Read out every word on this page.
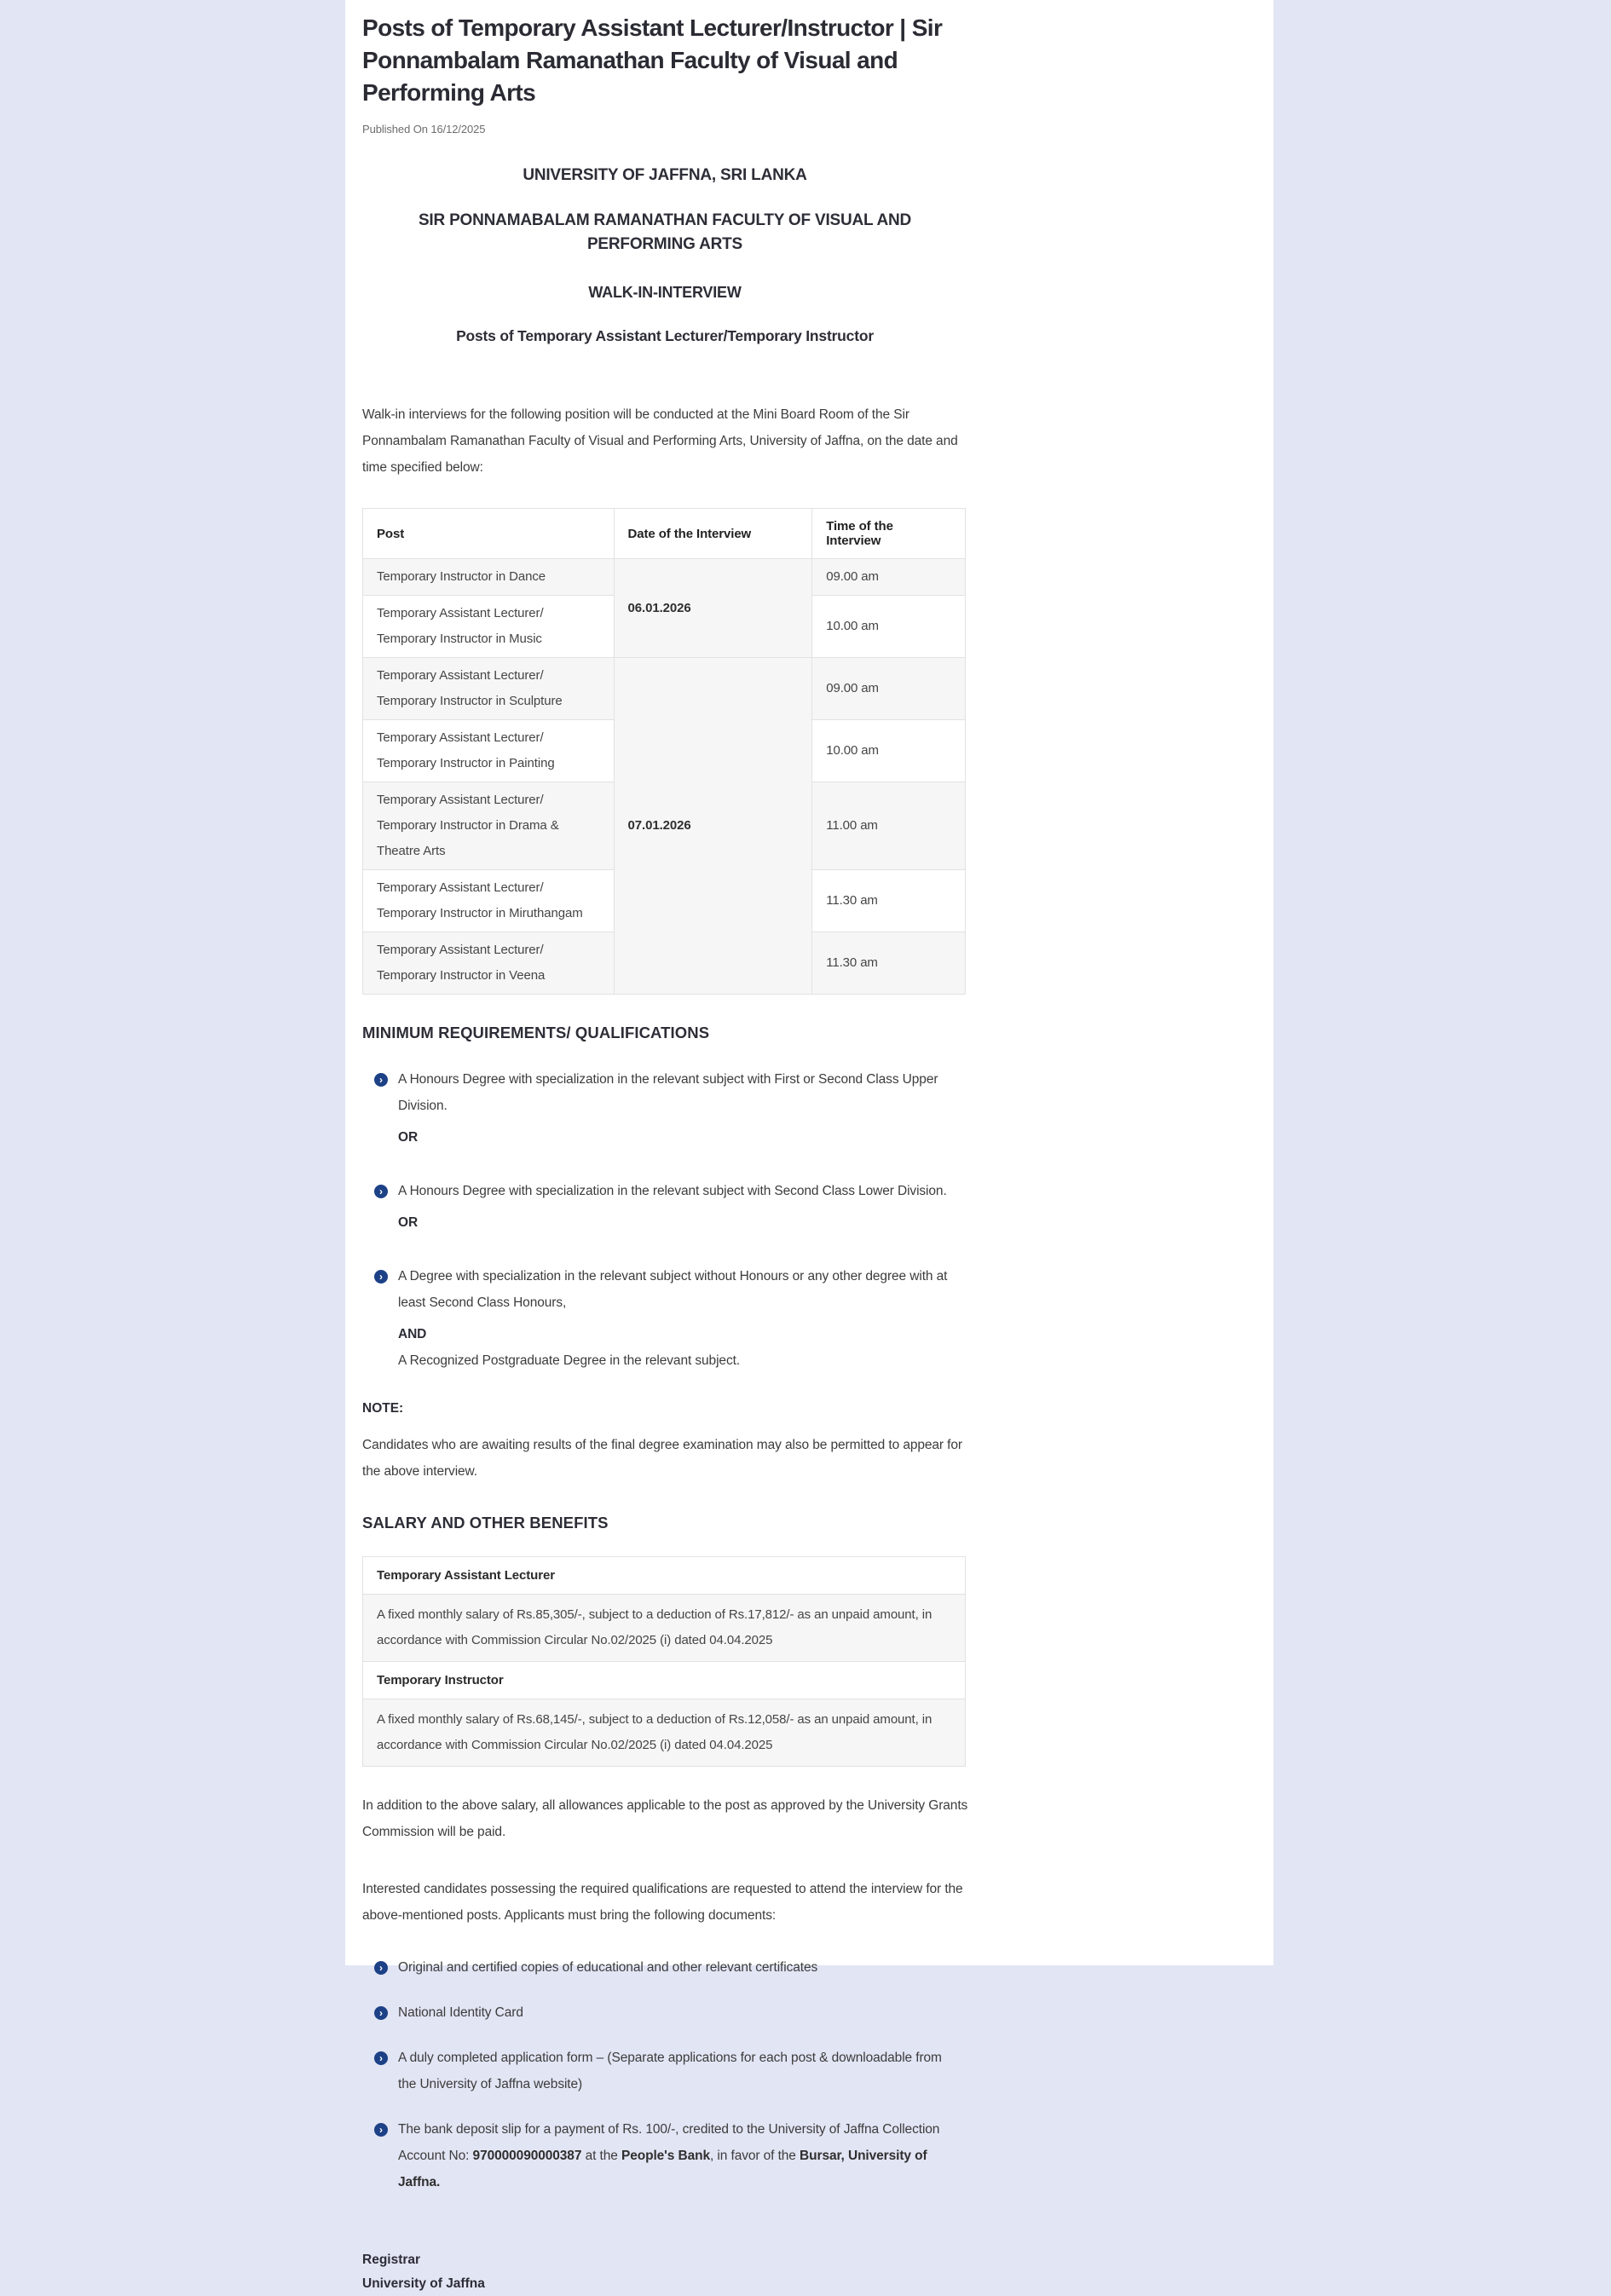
Posts of Temporary Assistant Lecturer/Instructor | Sir Ponnambalam Ramanathan Faculty of Visual and Performing Arts
Published On 16/12/2025
UNIVERSITY OF JAFFNA, SRI LANKA
SIR PONNAMABALAM RAMANATHAN FACULTY OF VISUAL AND PERFORMING ARTS
WALK-IN-INTERVIEW
Posts of Temporary Assistant Lecturer/Temporary Instructor

Walk-in interviews for the following position will be conducted at the Mini Board Room of the Sir Ponnambalam Ramanathan Faculty of Visual and Performing Arts, University of Jaffna, on the date and time specified below:

Post	Date of the Interview	Time of the Interview
Temporary Instructor in Dance	06.01.2026	09.00 am
Temporary Assistant Lecturer/ Temporary Instructor in Music		10.00 am
Temporary Assistant Lecturer/ Temporary Instructor in Sculpture	07.01.2026	09.00 am
Temporary Assistant Lecturer/ Temporary Instructor in Painting		10.00 am
Temporary Assistant Lecturer/ Temporary Instructor in Drama & Theatre Arts		11.00 am
Temporary Assistant Lecturer/ Temporary Instructor in Miruthangam		11.30 am
Temporary Assistant Lecturer/ Temporary Instructor in Veena		11.30 am
MINIMUM REQUIREMENTS/ QUALIFICATIONS
›	A Honours Degree with specialization in the relevant subject with First or Second Class Upper Division.
OR
›	A Honours Degree with specialization in the relevant subject with Second Class Lower Division.
OR
›	A Degree with specialization in the relevant subject without Honours or any other degree with at least Second Class Honours,
AND
A Recognized Postgraduate Degree in the relevant subject.
NOTE:

Candidates who are awaiting results of the final degree examination may also be permitted to appear for the above interview.

SALARY AND OTHER BENEFITS
Temporary Assistant Lecturer
A fixed monthly salary of Rs.85,305/-, subject to a deduction of Rs.17,812/- as an unpaid amount, in accordance with Commission Circular No.02/2025 (i) dated 04.04.2025
Temporary Instructor
A fixed monthly salary of Rs.68,145/-, subject to a deduction of Rs.12,058/- as an unpaid amount, in accordance with Commission Circular No.02/2025 (i) dated 04.04.2025

In addition to the above salary, all allowances applicable to the post as approved by the University Grants Commission will be paid.

Interested candidates possessing the required qualifications are requested to attend the interview for the above-mentioned posts. Applicants must bring the following documents:

›	Original and certified copies of educational and other relevant certificates
›	National Identity Card
›	A duly completed application form – (Separate applications for each post & downloadable from the University of Jaffna website)
›	The bank deposit slip for a payment of Rs. 100/-, credited to the University of Jaffna Collection Account No: 970000090000387 at the People's Bank, in favor of the Bursar, University of Jaffna.
Registrar
University of Jaffna
